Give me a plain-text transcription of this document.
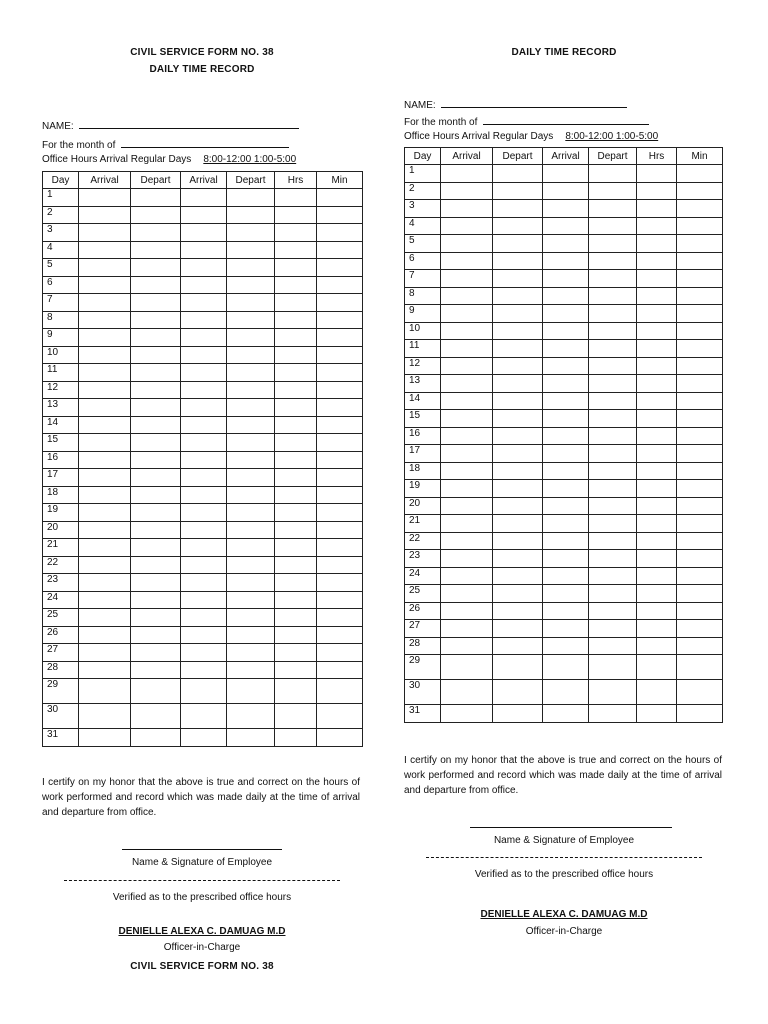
CIVIL SERVICE FORM NO. 38
DAILY TIME RECORD
NAME:
For the month of
Office Hours Arrival Regular Days 8:00-12:00 1:00-5:00
Day	Arrival	Depart	Arrival	Depart	Hrs	Min
1						
2						
3						
4						
5						
6						
7						
8						
9						
10						
11						
12						
13						
14						
15						
16						
17						
18						
19						
20						
21						
22						
23						
24						
25						
26						
27						
28						
29						
30						
31						
I certify on my honor that the above is true and correct on the hours of work performed and record which was made daily at the time of arrival and departure from office.
Name & Signature of Employee
Verified as to the prescribed office hours
DENIELLE ALEXA C. DAMUAG M.D
Officer-in-Charge
CIVIL SERVICE FORM NO. 38
DAILY TIME RECORD
NAME:
For the month of
Office Hours Arrival Regular Days 8:00-12:00 1:00-5:00
Day	Arrival	Depart	Arrival	Depart	Hrs	Min
1						
2						
3						
4						
5						
6						
7						
8						
9						
10						
11						
12						
13						
14						
15						
16						
17						
18						
19						
20						
21						
22						
23						
24						
25						
26						
27						
28						
29						
30						
31						
I certify on my honor that the above is true and correct on the hours of work performed and record which was made daily at the time of arrival and departure from office.
Name & Signature of Employee
Verified as to the prescribed office hours
DENIELLE ALEXA C. DAMUAG M.D
Officer-in-Charge
